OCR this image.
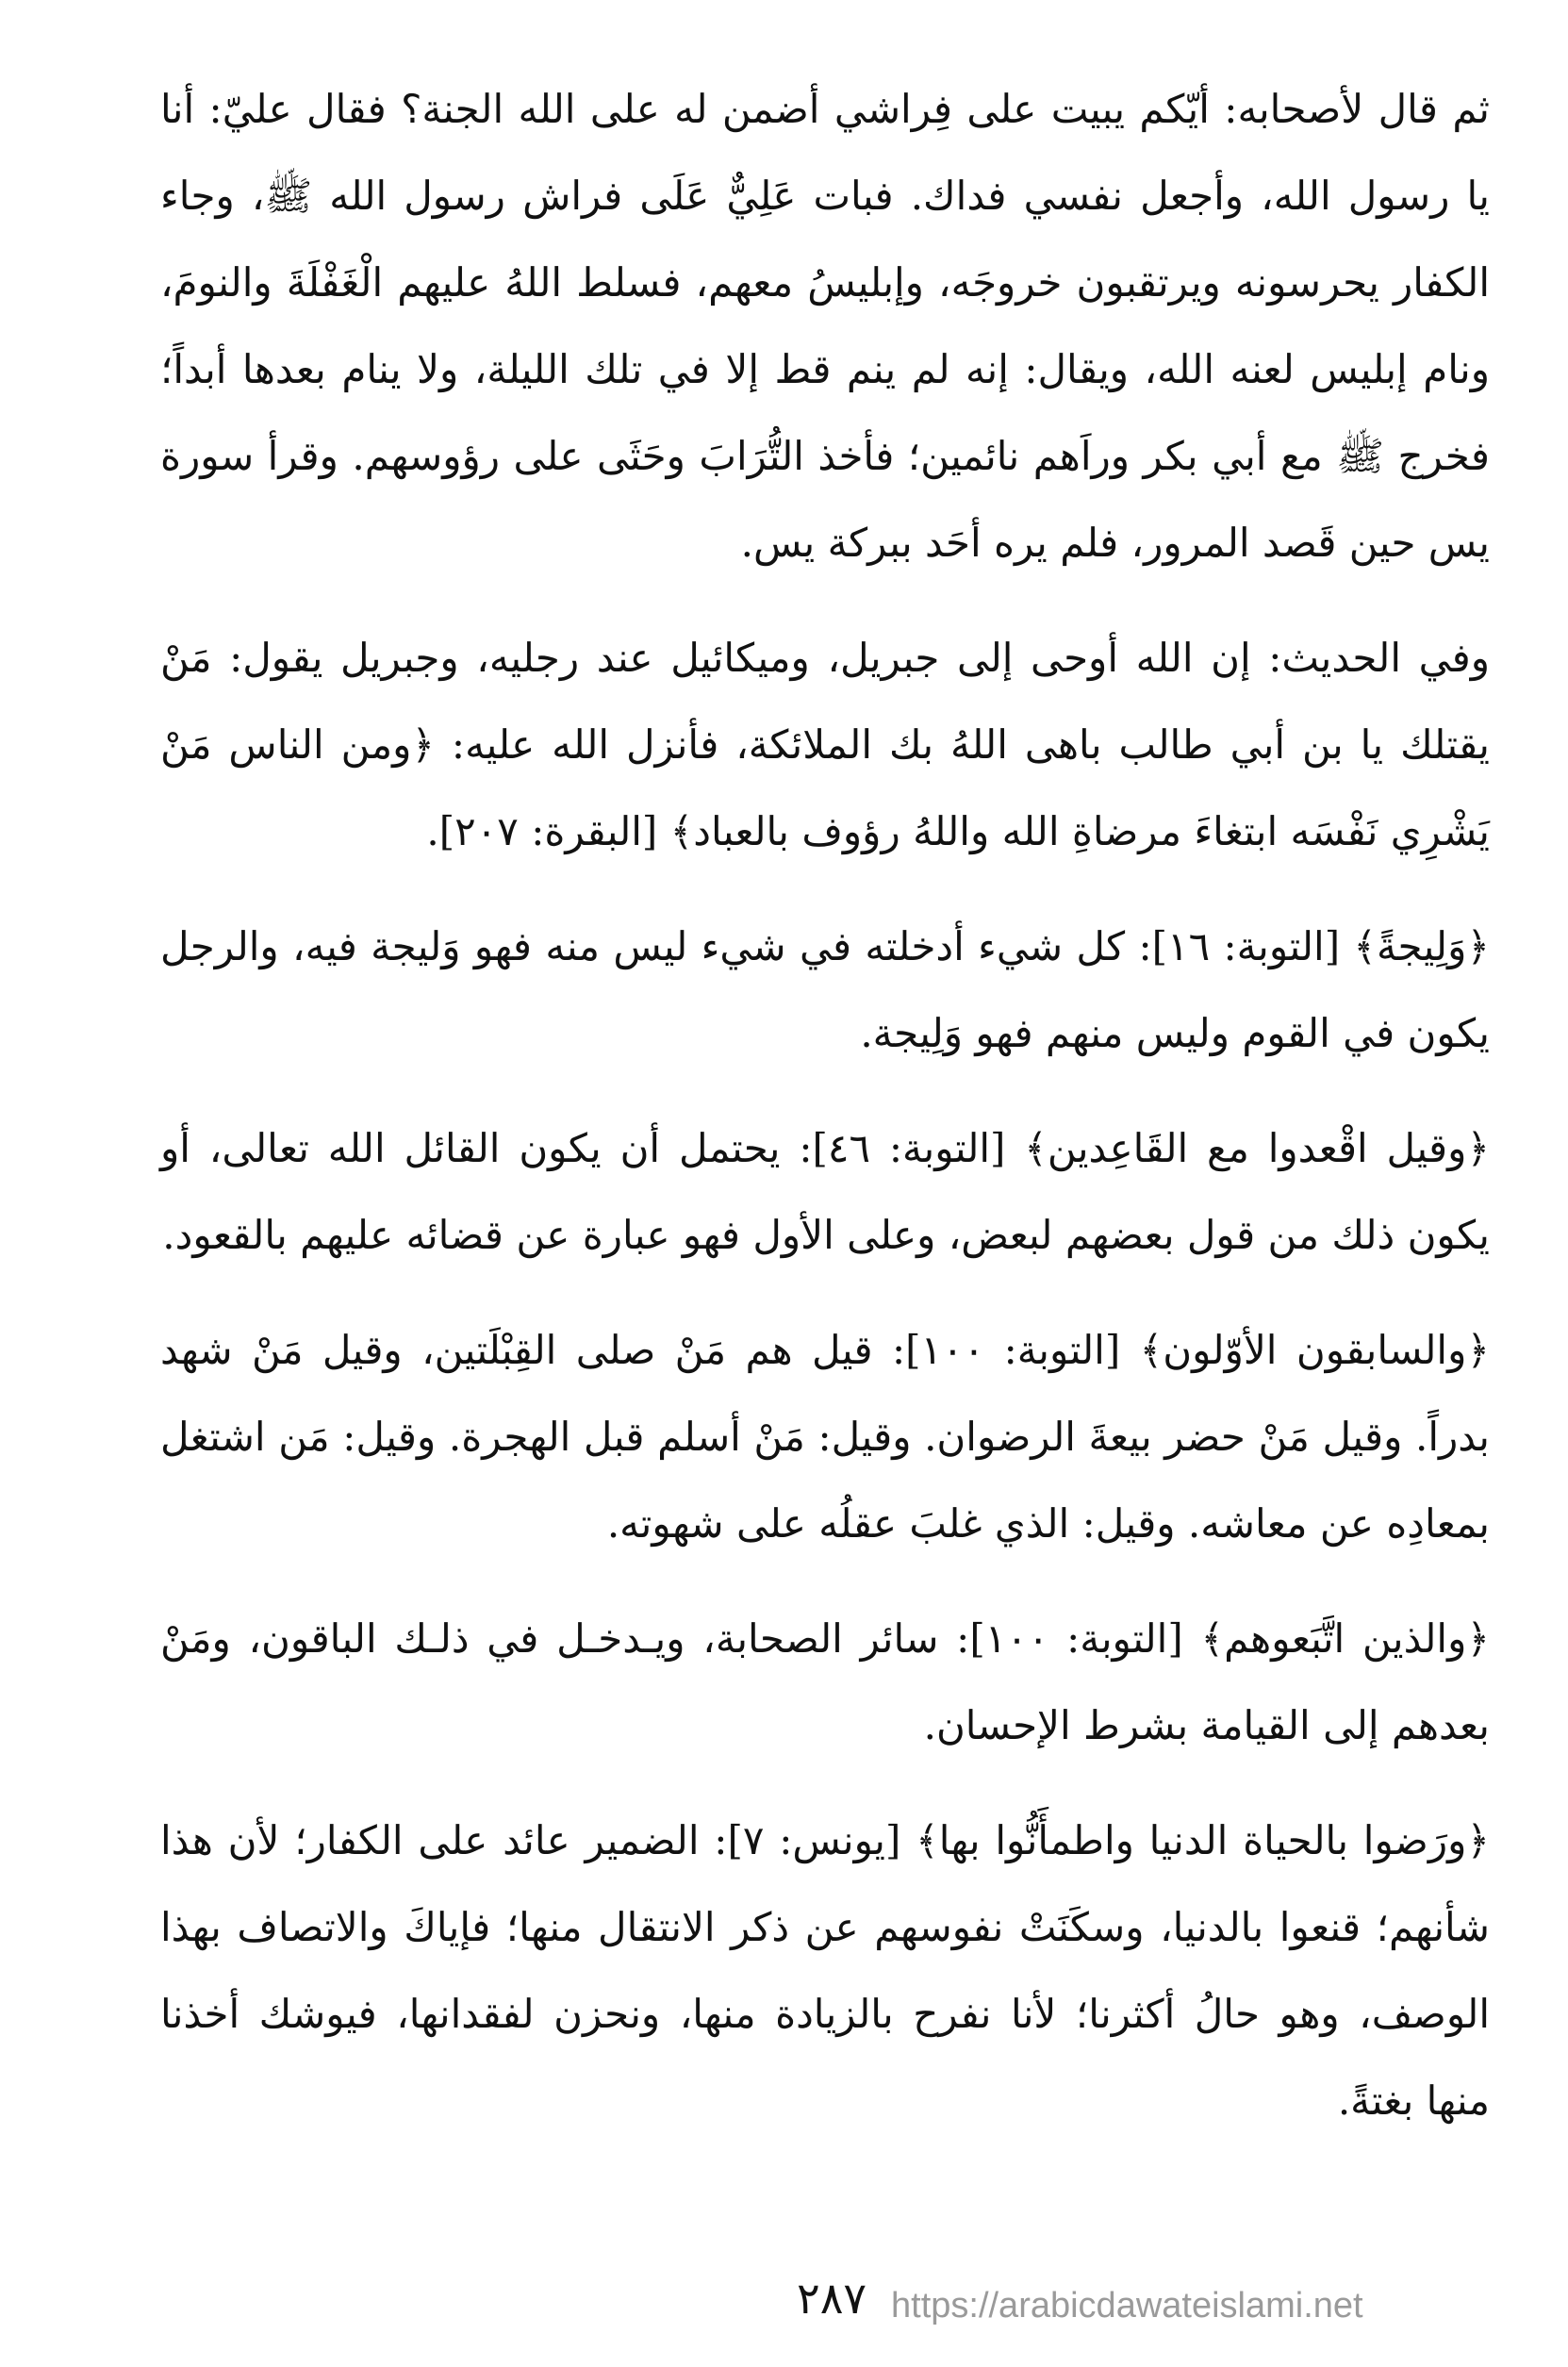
ثم قال لأصحابه: أيّكم يبيت على فِراشي أضمن له على الله الجنة؟ فقال عليّ: أنا يا رسول الله، وأجعل نفسي فداك. فبات عَلِيٌّ عَلَى فراش رسول الله ﷺ، وجاء الكفار يحرسونه ويرتقبون خروجَه، وإبليسُ معهم، فسلط اللهُ عليهم الْغَفْلَةَ والنومَ، ونام إبليس لعنه الله، ويقال: إنه لم ينم قط إلا في تلك الليلة، ولا ينام بعدها أبداً؛ فخرج ﷺ مع أبي بكر وراَهم نائمين؛ فأخذ التُّرَابَ وحَثَى على رؤوسهم. وقرأ سورة يس حين قَصد المرور، فلم يره أحَد ببركة يس.

وفي الحديث: إن الله أوحى إلى جبريل، وميكائيل عند رجليه، وجبريل يقول: مَنْ يقتلك يا بن أبي طالب باهى اللهُ بك الملائكة، فأنزل الله عليه: ﴿ومن الناس مَنْ يَشْرِي نَفْسَه ابتغاءَ مرضاةِ الله واللهُ رؤوف بالعباد﴾ [البقرة: ٢٠٧].

﴿وَلِيجةً﴾ [التوبة: ١٦]: كل شيء أدخلته في شيء ليس منه فهو وَليجة فيه، والرجل يكون في القوم وليس منهم فهو وَلِيجة.

﴿وقيل اقْعدوا مع القَاعِدين﴾ [التوبة: ٤٦]: يحتمل أن يكون القائل الله تعالى، أو يكون ذلك من قول بعضهم لبعض، وعلى الأول فهو عبارة عن قضائه عليهم بالقعود.

﴿والسابقون الأوّلون﴾ [التوبة: ١٠٠]: قيل هم مَنْ صلى القِبْلَتين، وقيل مَنْ شهد بدراً. وقيل مَنْ حضر بيعةَ الرضوان. وقيل: مَنْ أسلم قبل الهجرة. وقيل: مَن اشتغل بمعادِه عن معاشه. وقيل: الذي غلبَ عقلُه على شهوته.

﴿والذين اتَّبَعوهم﴾ [التوبة: ١٠٠]: سائر الصحابة، ويـدخـل في ذلـك الباقون، ومَنْ بعدهم إلى القيامة بشرط الإحسان.

﴿ورَضوا بالحياة الدنيا واطمأَنُّوا بها﴾ [يونس: ٧]: الضمير عائد على الكفار؛ لأن هذا شأنهم؛ قنعوا بالدنيا، وسكَنَتْ نفوسهم عن ذكر الانتقال منها؛ فإياكَ والاتصاف بهذا الوصف، وهو حالُ أكثرنا؛ لأنا نفرح بالزيادة منها، ونحزن لفقدانها، فيوشك أخذنا منها بغتةً.

٢٨٧ https://arabicdawateislami.net
